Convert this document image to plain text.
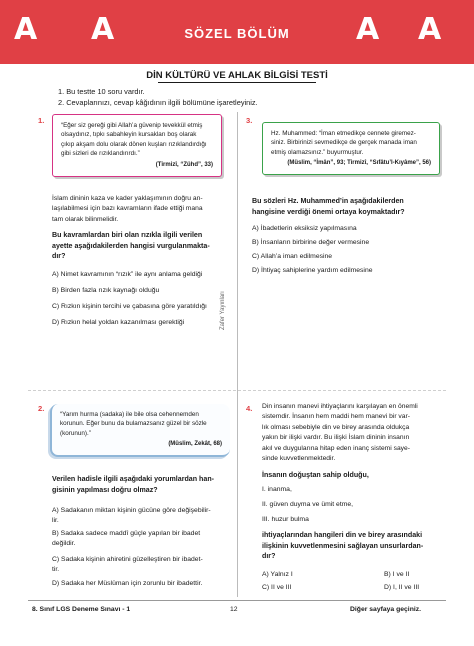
A A	SÖZEL BÖLÜM	A A
DİN KÜLTÜRÜ VE AHLAK BİLGİSİ TESTİ
1. Bu testte 10 soru vardır.
2. Cevaplarınızı, cevap kâğıdının ilgili bölümüne işaretleyiniz.
Zafer Yayınları
1.
“Eğer siz gereği gibi Allah’a güvenip tevekkül etmiş
olsaydınız, tıpkı sabahleyin kursakları boş olarak
çıkıp akşam dolu olarak dönen kuşları rızıklandırdığı
gibi sizleri de rızıklandırırdı.”
(Tirmizî, “Zühd”, 33)
İslam dininin kaza ve kader yaklaşımının doğru an-
laşılabilmesi için bazı kavramların ifade ettiği mana
tam olarak bilinmelidir.
Bu kavramlardan biri olan rızıkla ilgili verilen
ayette aşağıdakilerden hangisi vurgulanmakta-
dır?
A) Nimet kavramının “rızık” ile aynı anlama geldiği
B) Birden fazla rızık kaynağı olduğu
C) Rızkın kişinin tercihi ve çabasına göre yaratıldığı
D) Rızkın helal yoldan kazanılması gerektiği
3.
Hz. Muhammed: “İman etmedikçe cennete giremez-
siniz. Birbirinizi sevmedikçe de gerçek manada iman
etmiş olamazsınız.” buyurmuştur.
(Müslim, “İmân”, 93; Tirmizî, “Sıfâtu’l-Kıyâme”, 56)
Bu sözleri Hz. Muhammed’in aşağıdakilerden
hangisine verdiği önemi ortaya koymaktadır?
A) İbadetlerin eksiksiz yapılmasına
B) İnsanların birbirine değer vermesine
C) Allah’a iman edilmesine
D) İhtiyaç sahiplerine yardım edilmesine
2.
“Yarım hurma (sadaka) ile bile olsa cehennemden
korunun. Eğer bunu da bulamazsanız güzel bir sözle
(korunun).”
(Müslim, Zekât, 68)
Verilen hadisle ilgili aşağıdaki yorumlardan han-
gisinin yapılması doğru olmaz?
A) Sadakanın miktarı kişinin gücüne göre değişebilir-
lir.
B) Sadaka sadece maddî güçle yapılan bir ibadet
değildir.
C) Sadaka kişinin ahiretini güzelleştiren bir ibadet-
tir.
D) Sadaka her Müslüman için zorunlu bir ibadettir.
4. Din insanın manevi ihtiyaçlarını karşılayan en önemli
sistemdir. İnsanın hem maddi hem manevi bir var-
lık olması sebebiyle din ve birey arasında oldukça
yakın bir ilişki vardır. Bu ilişki İslam dininin insanın
akıl ve duygularına hitap eden inanç sistemi saye-
sinde kuvvetlenmektedir.
İnsanın doğuştan sahip olduğu,
I. inanma,
II. güven duyma ve ümit etme,
III. huzur bulma
ihtiyaçlarından hangileri din ve birey arasındaki
ilişkinin kuvvetlenmesini sağlayan unsurlardan-
dır?
A) Yalnız I	B) I ve II
C) II ve III	D) I, II ve III
8. Sınıf LGS Deneme Sınavı - 1	12	Diğer sayfaya geçiniz.
